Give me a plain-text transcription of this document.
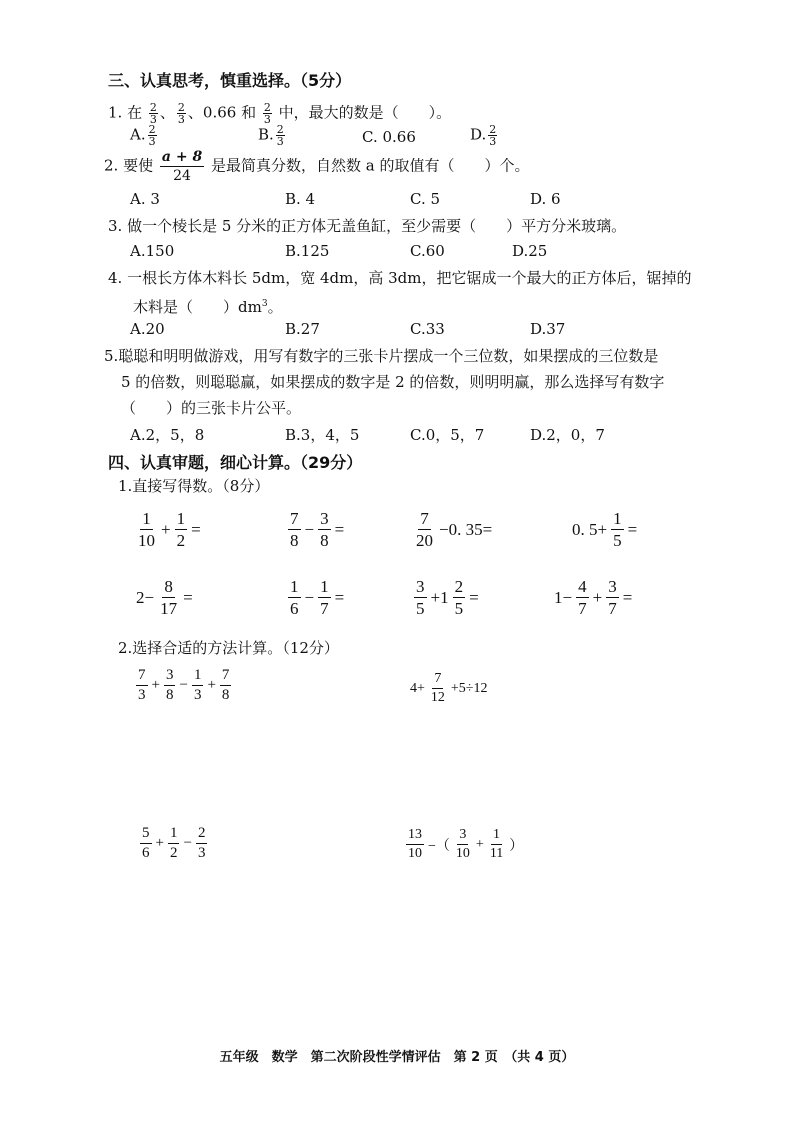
三、认真思考，慎重选择。（5分）
1. 在 $\frac{2}{3}$ 、 $\frac{2}{3}$ 、0.66 和 $\frac{2}{3}$ 中，最大的数是（　　）。
A. $\frac{2}{3}$	B. $\frac{2}{3}$	C. 0.66	D. $\frac{2}{3}$
2. 要使 $\frac{a + 8}{24}$ 是最简真分数，自然数 a 的取值有（　　）个。
A. 3	B. 4	C. 5	D. 6
3. 做一个棱长是 5 分米的正方体无盖鱼缸，至少需要（　　）平方分米玻璃。
A.150	B.125	C.60	D.25
4. 一根长方体木料长 5dm，宽 4dm，高 3dm，把它锯成一个最大的正方体后，锯掉的
木料是（　　）$dm^3$。
A.20	B.27	C.33	D.37
5.聪聪和明明做游戏，用写有数字的三张卡片摆成一个三位数，如果摆成的三位数是
5 的倍数，则聪聪赢，如果摆成的数字是 2 的倍数，则明明赢，那么选择写有数字
（　　）的三张卡片公平。
A.2，5，8	B.3，4，5	C.0，5，7	D.2，0，7
四、认真审题，细心计算。（29分）
1.直接写得数。（8分）
$\frac{1}{10} + \frac{1}{2}$ =	$\frac{7}{8} - \frac{3}{8}$ =	$\frac{7}{20} -0$. 35=	0. $5+ \frac{1}{5}$ =
$2- \frac{8}{17}$ =	$\frac{1}{6} - \frac{1}{7}$ =	$\frac{3}{5} +1 \frac{2}{5}$ =	$1- \frac{4}{7} + \frac{3}{7}$ =
2.选择合适的方法计算。（12分）
$\frac{7}{3} + \frac{3}{8} - \frac{1}{3} + \frac{7}{8}$	$4+ \frac{7}{12} +5\div 12$
$\frac{5}{6} + \frac{1}{2} - \frac{2}{3}$	$\frac{13}{10}$ −（ $\frac{3}{10} + \frac{1}{11}$ ）
五年级　数学　第二次阶段性学情评估　第 2 页　（共 4 页）
